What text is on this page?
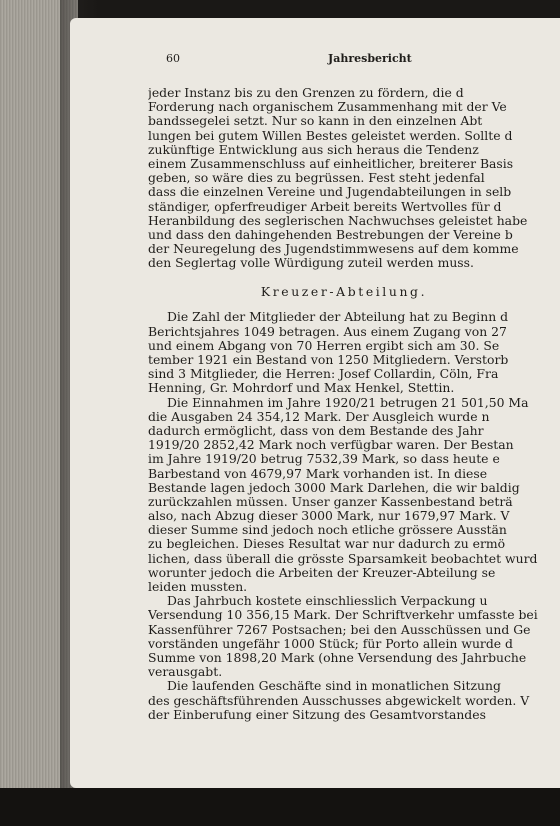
60	Jahresbericht
jeder Instanz bis zu den Grenzen zu fördern, die d
Forderung nach organischem Zusammenhang mit der Ve
bandssegelei setzt. Nur so kann in den einzelnen Abt
lungen bei gutem Willen Bestes geleistet werden. Sollte d
zukünftige Entwicklung aus sich heraus die Tendenz
einem Zusammenschluss auf einheitlicher, breiterer Basis
geben, so wäre dies zu begrüssen. Fest steht jedenfal
dass die einzelnen Vereine und Jugendabteilungen in selb
ständiger, opferfreudiger Arbeit bereits Wertvolles für d
Heranbildung des seglerischen Nachwuchses geleistet habe
und dass den dahingehenden Bestrebungen der Vereine b
der Neuregelung des Jugendstimmwesens auf dem komme
den Seglertag volle Würdigung zuteil werden muss.
Kreuzer-Abteilung.
Die Zahl der Mitglieder der Abteilung hat zu Beginn d
Berichtsjahres 1049 betragen. Aus einem Zugang von 27
und einem Abgang von 70 Herren ergibt sich am 30. Se
tember 1921 ein Bestand von 1250 Mitgliedern. Verstorb
sind 3 Mitglieder, die Herren: Josef Collardin, Cöln, Fra
Henning, Gr. Mohrdorf und Max Henkel, Stettin.
Die Einnahmen im Jahre 1920/21 betrugen 21 501,50 Ma
die Ausgaben 24 354,12 Mark. Der Ausgleich wurde n
dadurch ermöglicht, dass von dem Bestande des Jahr
1919/20 2852,42 Mark noch verfügbar waren. Der Bestan
im Jahre 1919/20 betrug 7532,39 Mark, so dass heute e
Barbestand von 4679,97 Mark vorhanden ist. In diese
Bestande lagen jedoch 3000 Mark Darlehen, die wir baldig
zurückzahlen müssen. Unser ganzer Kassenbestand beträ
also, nach Abzug dieser 3000 Mark, nur 1679,97 Mark. V
dieser Summe sind jedoch noch etliche grössere Ausstän
zu begleichen. Dieses Resultat war nur dadurch zu ermö
lichen, dass überall die grösste Sparsamkeit beobachtet wurd
worunter jedoch die Arbeiten der Kreuzer-Abteilung se
leiden mussten.
Das Jahrbuch kostete einschliesslich Verpackung u
Versendung 10 356,15 Mark. Der Schriftverkehr umfasste bei
Kassenführer 7267 Postsachen; bei den Ausschüssen und Ge
vorständen ungefähr 1000 Stück; für Porto allein wurde d
Summe von 1898,20 Mark (ohne Versendung des Jahrbuche
verausgabt.
Die laufenden Geschäfte sind in monatlichen Sitzung
des geschäftsführenden Ausschusses abgewickelt worden. V
der Einberufung einer Sitzung des Gesamtvorstandes
